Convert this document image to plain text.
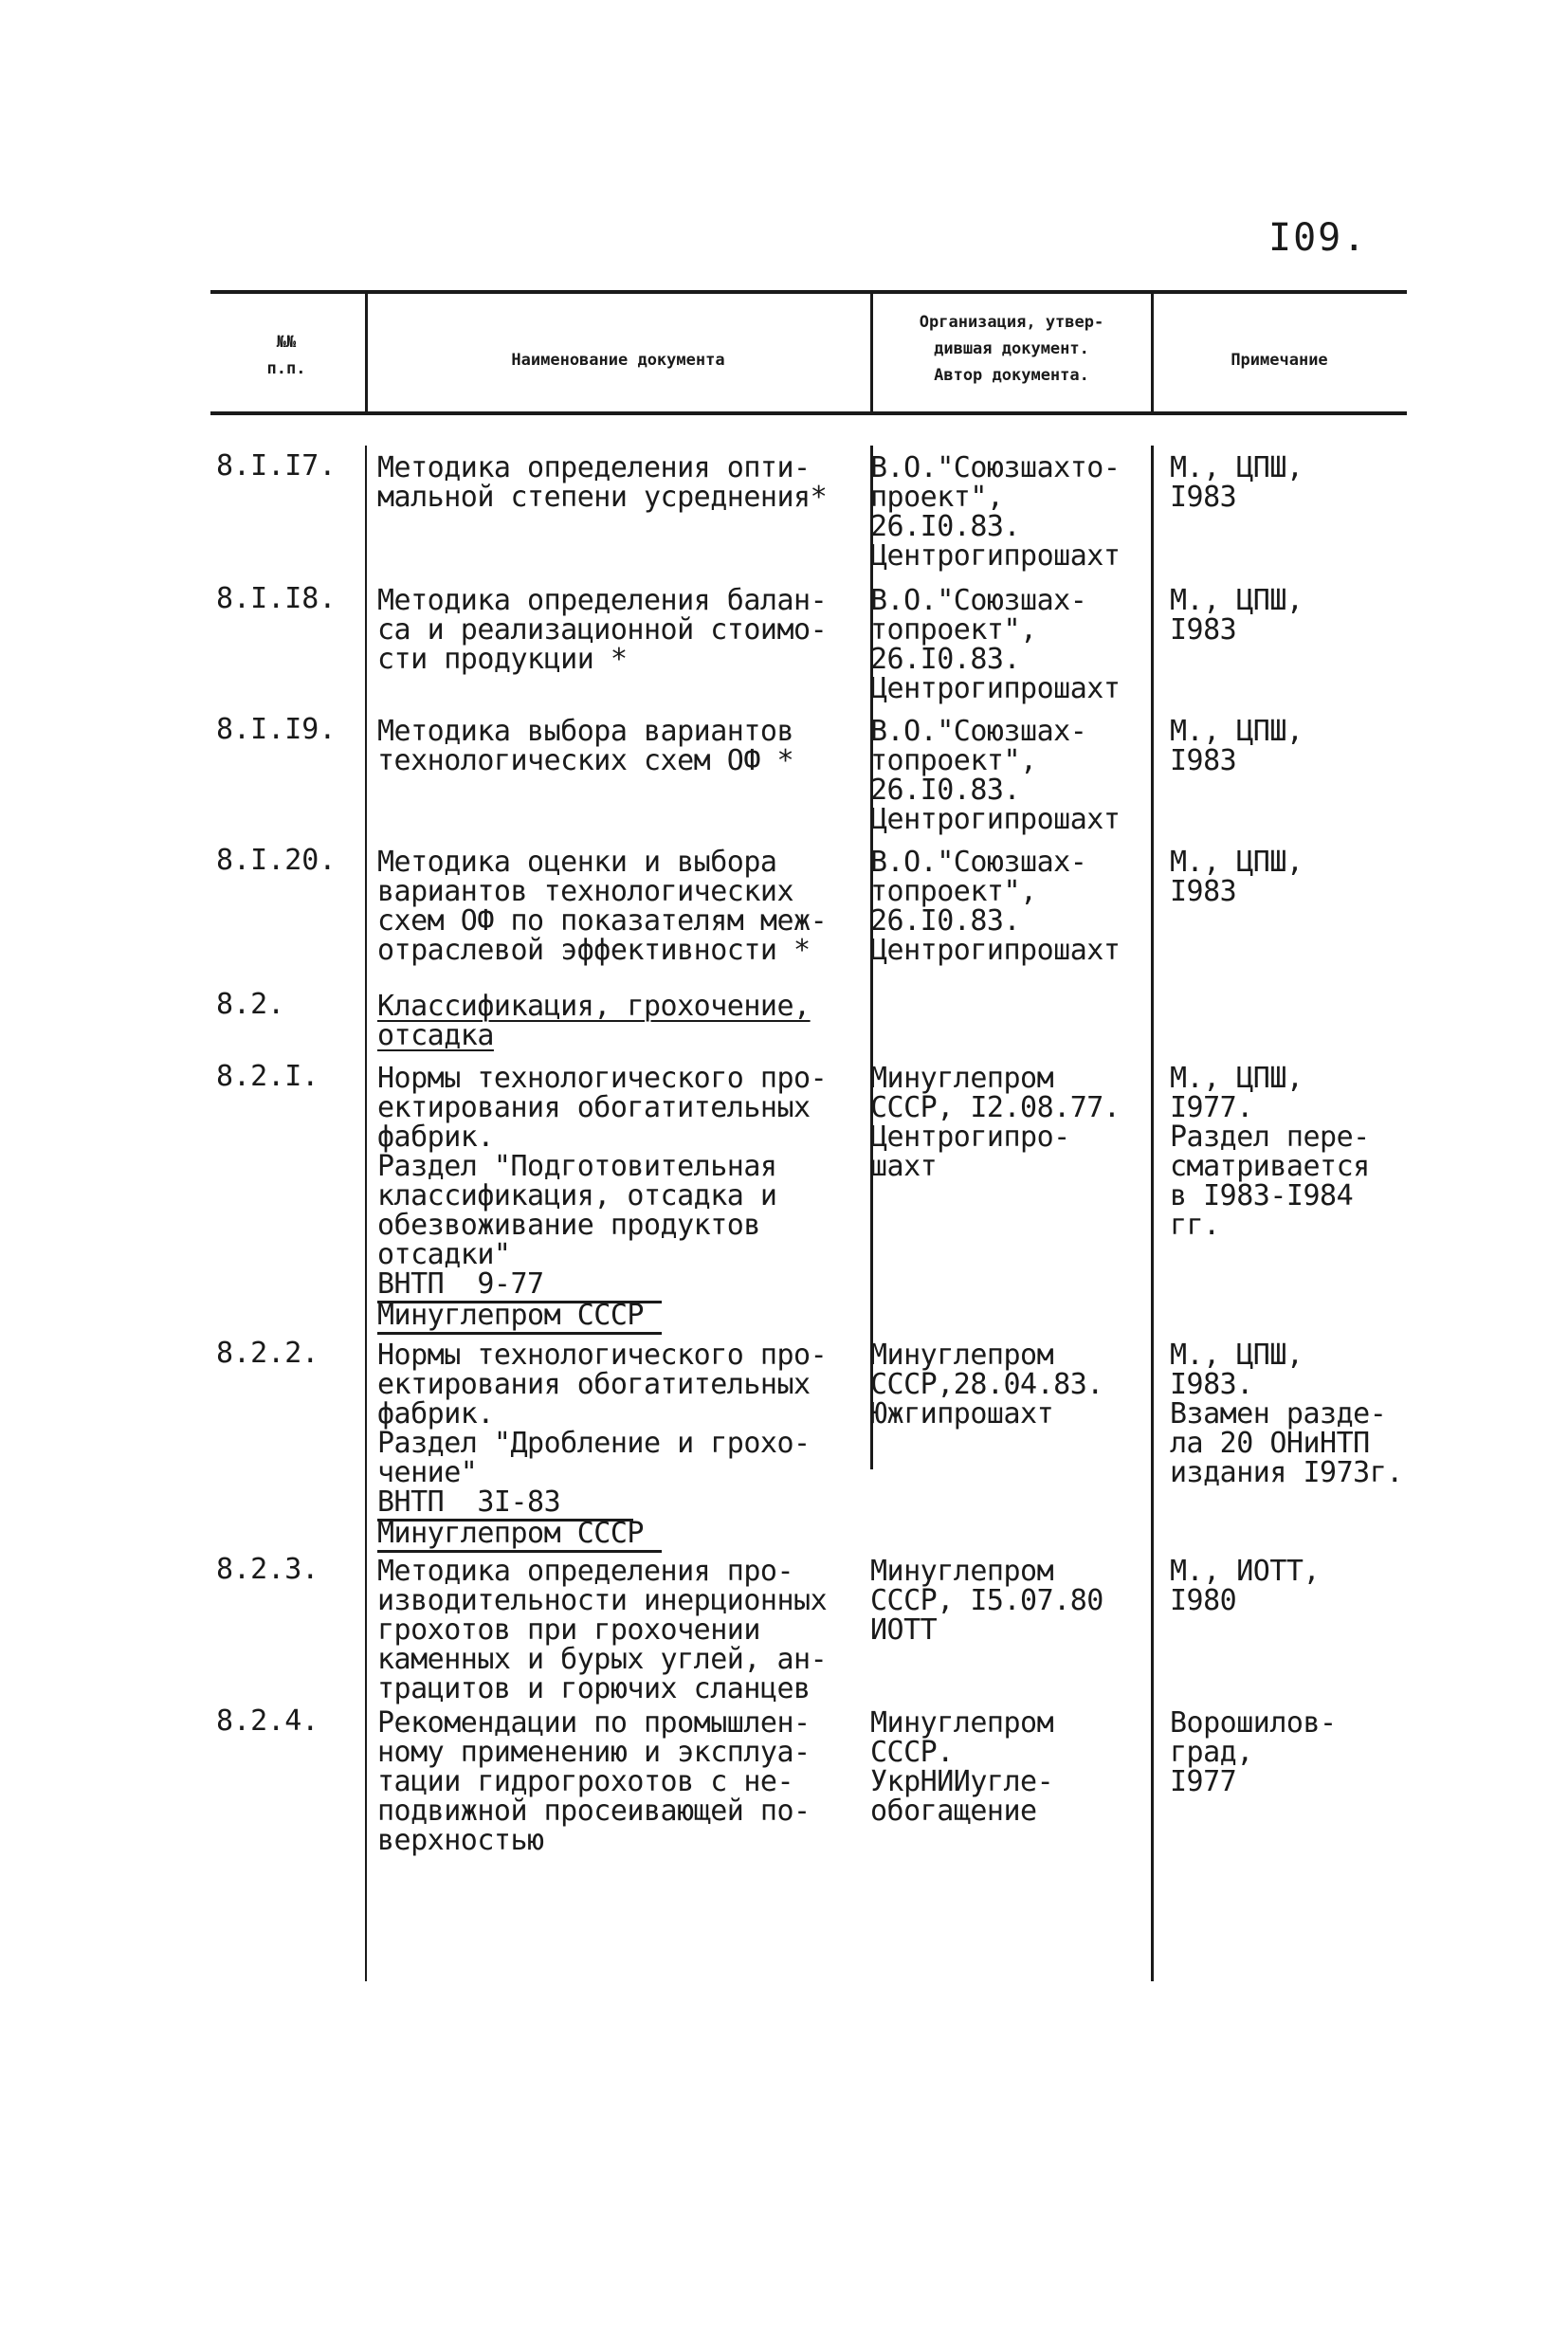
I09.
№№
п.п.	Наименование документа
Организация, утвер-
дившая документ.
Автор документа.
Примечание
8.I.I7. Методика определения опти-
мальной степени усреднения*
В.О."Союзшахто-
проект",
26.I0.83.
Центрогипрошахт
М., ЦПШ,
I983
8.I.I8. Методика определения балан-
са и реализационной стоимо-
сти продукции *
В.О."Союзшах-
топроект",
26.I0.83.
Центрогипрошахт
М., ЦПШ,
I983
8.I.I9. Методика выбора вариантов
технологических схем ОФ *
В.О."Союзшах-
топроект",
26.I0.83.
Центрогипрошахт
М., ЦПШ,
I983
8.I.20. Методика оценки и выбора
вариантов технологических
схем ОФ по показателям меж-
отраслевой эффективности *
В.О."Союзшах-
топроект",
26.I0.83.
Центрогипрошахт
М., ЦПШ,
I983
8.2.	Классификация, грохочение,
отсадка
8.2.I. Нормы технологического про-
ектирования обогатительных
фабрик.
Раздел "Подготовительная
классификация, отсадка и
обезвоживание продуктов
отсадки"
ВНТП  9-77
Минуглепром СССР
Минуглепром
СССР, I2.08.77.
Центрогипро-
шахт
М., ЦПШ,
I977.
Раздел пере-
сматривается
в I983-I984
гг.
8.2.2. Нормы технологического про-
ектирования обогатительных
фабрик.
Раздел "Дробление и грохо-
чение"
ВНТП  3I-83
Минуглепром СССР
Минуглепром
СССР,28.04.83.
Южгипрошахт
М., ЦПШ,
I983.
Взамен разде-
ла 20 ОНиНТП
издания I973г.
8.2.3. Методика определения про-
изводительности инерционных
грохотов при грохочении
каменных и бурых углей, ан-
трацитов и горючих сланцев
Минуглепром
СССР, I5.07.80
ИОТТ
М., ИОТТ,
I980
8.2.4. Рекомендации по промышлен-
ному применению и эксплуа-
тации гидрогрохотов с не-
подвижной просеивающей по-
верхностью
Минуглепром
СССР.
УкрНИИугле-
обогащение
Ворошилов-
град,
I977
